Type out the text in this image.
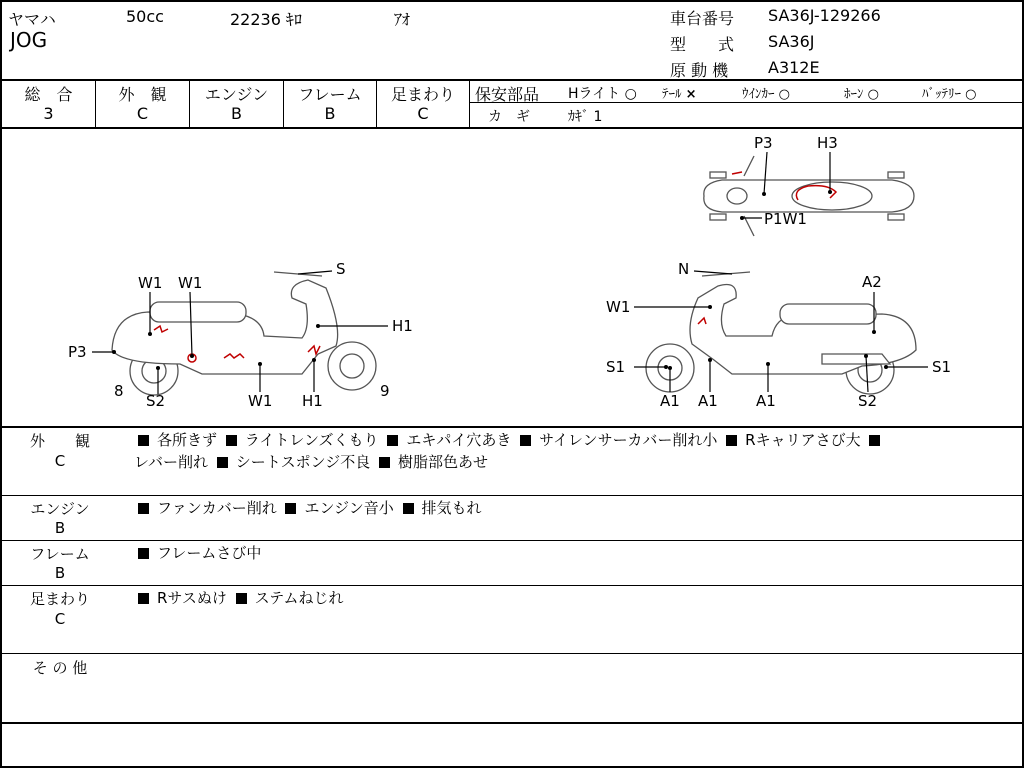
ヤマハ	50cc	22236 ｷﾛ	ｱｵ
JOG
車台番号 SA36J-129266
型　　式 SA36J
原 動 機 A312E
総　合
3
外　観
C
エンジン
B
フレーム
B
足まわり
C
保安部品 Hライト ○ ﾃｰﾙ ×	ｳｲﾝｶｰ ○	ﾎｰﾝ ○	ﾊﾞｯﾃﾘｰ ○
カ　ギ	ｶｷﾞ 1
P3	H3
P1W1
S
W1 W1
H1
P3
8	9
S2	W1 H1
N
A2
W1
S1	S1
A1 A1	A1	S2
外　　観
C
各所きず ライトレンズくもり エキパイ穴あき サイレンサーカバー削れ小 Rキャリアさび大
レバー削れ シートスポンジ不良 樹脂部色あせ
エンジン
B
ファンカバー削れ エンジン音小 排気もれ
フレーム
B
フレームさび中
足まわり
C
Rサスぬけ ステムねじれ
そ の 他
